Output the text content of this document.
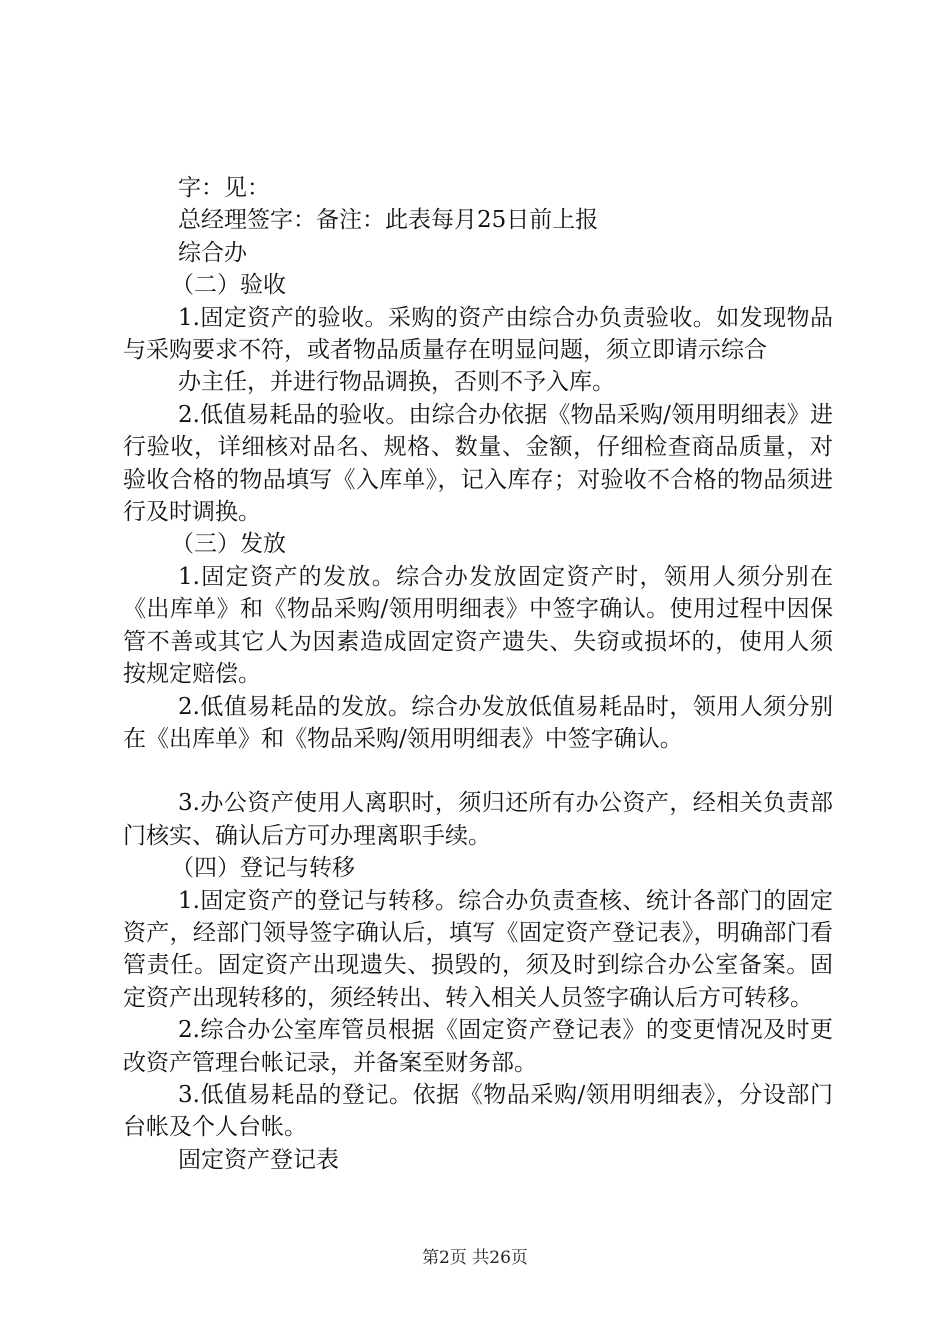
字：见：

总经理签字：备注：此表每月25日前上报

综合办

（二）验收

1.固定资产的验收。采购的资产由综合办负责验收。如发现物品与采购要求不符，或者物品质量存在明显问题，须立即请示综合

办主任，并进行物品调换，否则不予入库。

2.低值易耗品的验收。由综合办依据《物品采购/领用明细表》进行验收，详细核对品名、规格、数量、金额，仔细检查商品质量，对验收合格的物品填写《入库单》，记入库存；对验收不合格的物品须进行及时调换。

（三）发放

1.固定资产的发放。综合办发放固定资产时，领用人须分别在《出库单》和《物品采购/领用明细表》中签字确认。使用过程中因保管不善或其它人为因素造成固定资产遗失、失窃或损坏的，使用人须按规定赔偿。

2.低值易耗品的发放。综合办发放低值易耗品时，领用人须分别在《出库单》和《物品采购/领用明细表》中签字确认。

3.办公资产使用人离职时，须归还所有办公资产，经相关负责部门核实、确认后方可办理离职手续。

（四）登记与转移

1.固定资产的登记与转移。综合办负责查核、统计各部门的固定资产，经部门领导签字确认后，填写《固定资产登记表》，明确部门看管责任。固定资产出现遗失、损毁的，须及时到综合办公室备案。固定资产出现转移的，须经转出、转入相关人员签字确认后方可转移。

2.综合办公室库管员根据《固定资产登记表》的变更情况及时更改资产管理台帐记录，并备案至财务部。

3.低值易耗品的登记。依据《物品采购/领用明细表》，分设部门台帐及个人台帐。

固定资产登记表

第2页 共26页
